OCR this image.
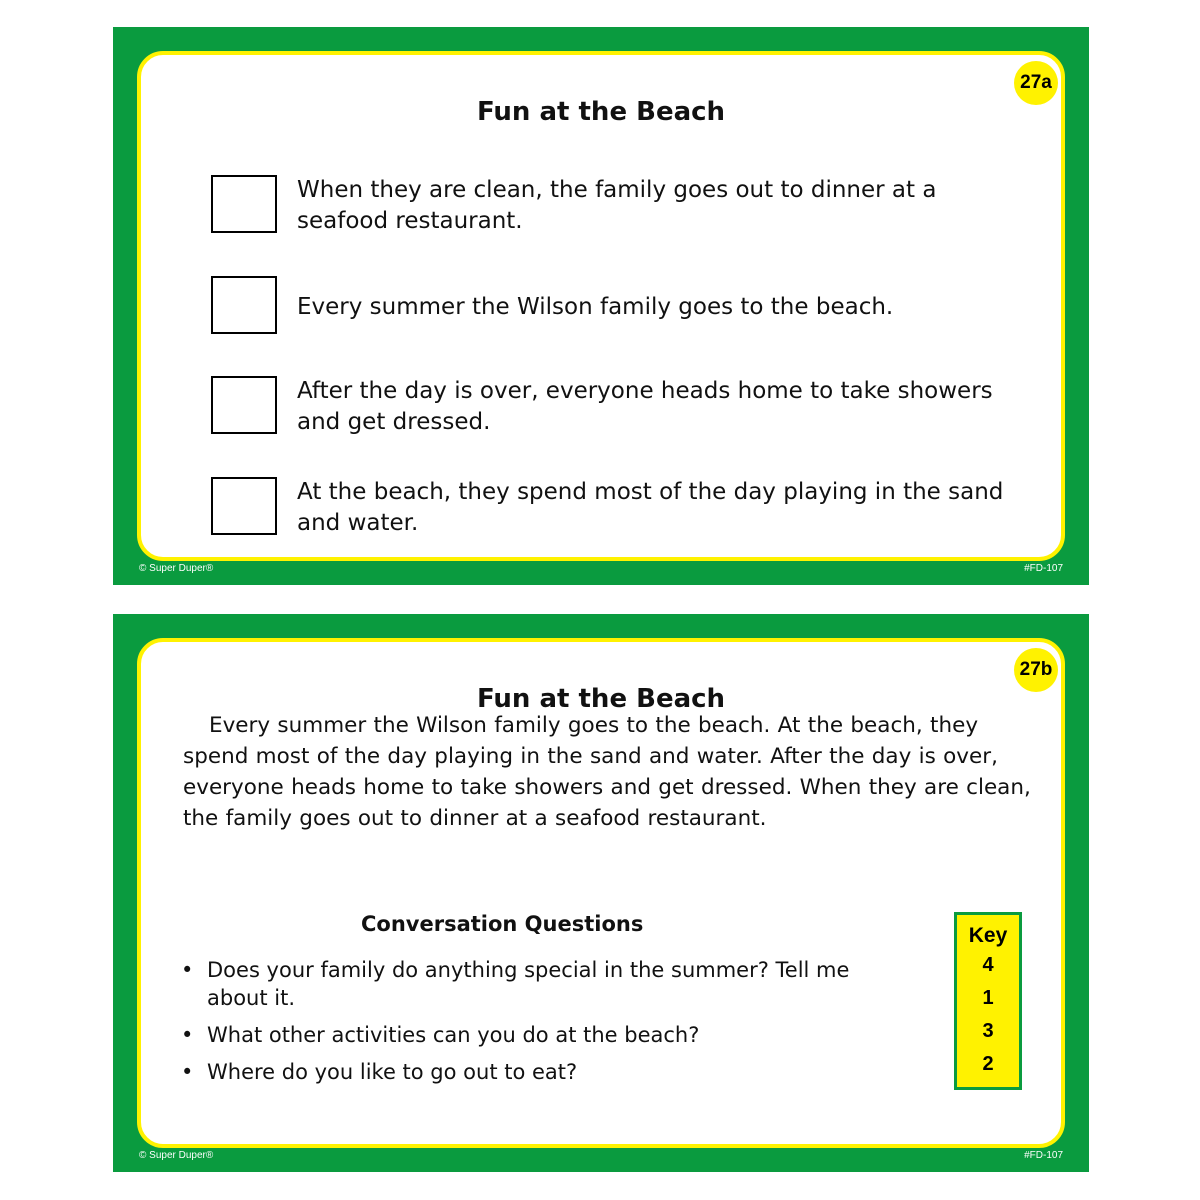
27a
Fun at the Beach
When they are clean, the family goes out to dinner at a seafood restaurant.
Every summer the Wilson family goes to the beach.
After the day is over, everyone heads home to take showers and get dressed.
At the beach, they spend most of the day playing in the sand and water.
© Super Duper®	#FD-107
27b
Fun at the Beach
Every summer the Wilson family goes to the beach. At the beach, they spend most of the day playing in the sand and water. After the day is over, everyone heads home to take showers and get dressed. When they are clean, the family goes out to dinner at a seafood restaurant.
Conversation Questions
• Does your family do anything special in the summer? Tell me about it.
• What other activities can you do at the beach?
• Where do you like to go out to eat?
Key
4
1
3
2
© Super Duper®	#FD-107
